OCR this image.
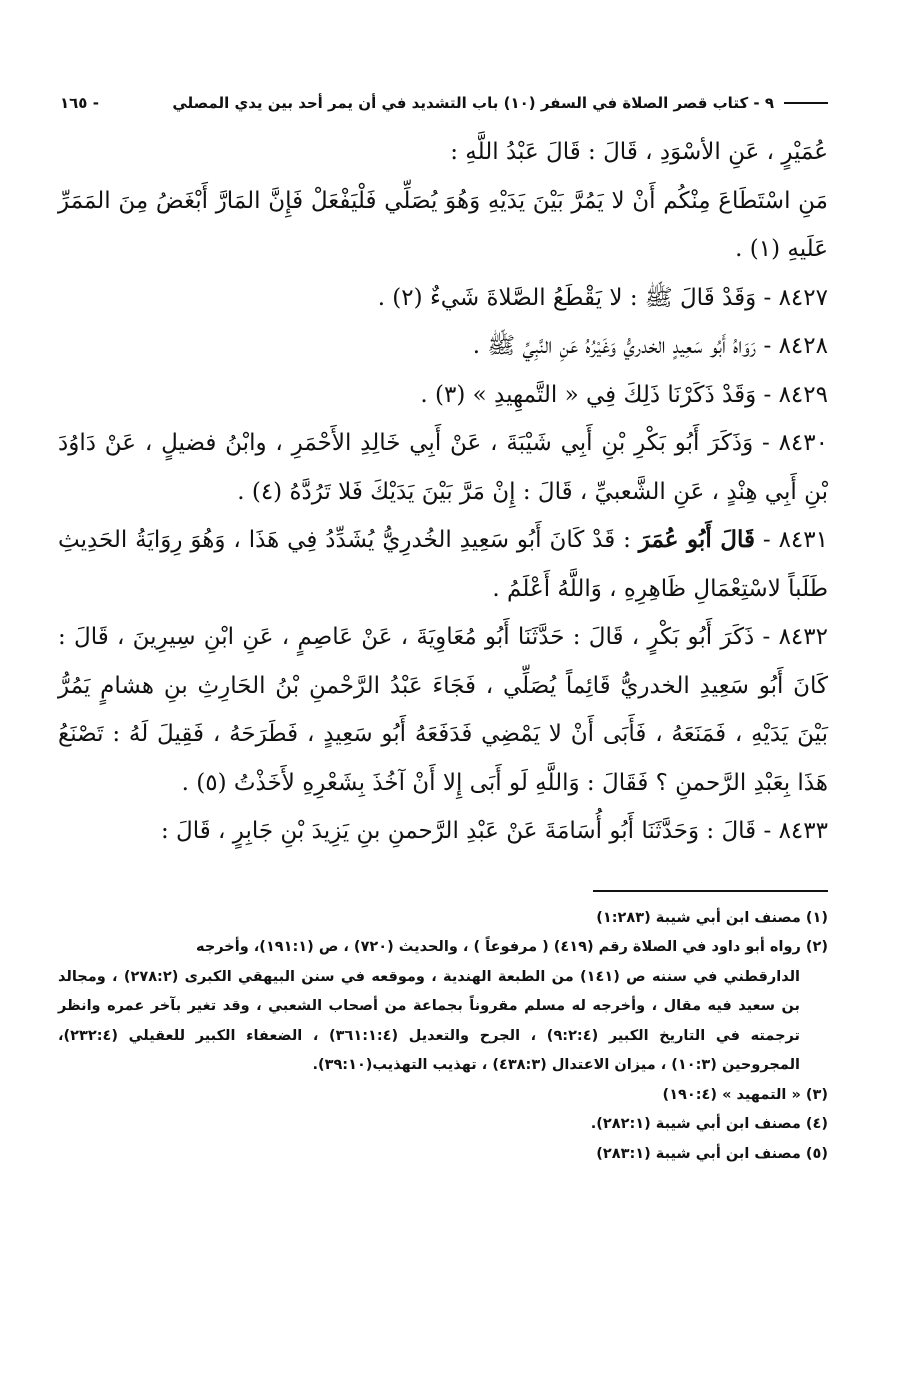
٩ - كتاب قصر الصلاة في السفر (١٠) باب التشديد في أن يمر أحد بين يدي المصلي
- ١٦٥

عُمَيْرٍ ، عَنِ الأسْوَدِ ، قَالَ : قَالَ عَبْدُ اللَّهِ :

مَنِ اسْتَطَاعَ مِنْكُم أَنْ لا يَمُرَّ بَيْنَ يَدَيْهِ وَهُوَ يُصَلِّي فَلْيَفْعَلْ فَإِنَّ المَارَّ أَبْغَضُ مِنَ المَمَرِّ عَلَيهِ (١) .

٨٤٢٧ - وَقَدْ قَالَ ﷺ : لا يَقْطَعُ الصَّلاةَ شَيءٌ (٢) .

٨٤٢٨ - رَوَاهُ أَبُو سَعِيدٍ الخدريُّ وَغَيْرُهُ عَنِ النَّبِيِّ ﷺ .

٨٤٢٩ - وَقَدْ ذَكَرْنَا ذَلِكَ فِي « التَّمهِيدِ » (٣) .

٨٤٣٠ - وَذَكَرَ أَبُو بَكْرِ بْنِ أَبِي شَيْبَةَ ، عَنْ أَبِي خَالِدِ الأَحْمَرِ ، وابْنُ فضيلٍ ، عَنْ دَاوُدَ بْنِ أَبِي هِنْدٍ ، عَنِ الشَّعبيِّ ، قَالَ : إِنْ مَرَّ بَيْنَ يَدَيْكَ فَلا تَرُدَّهُ (٤) .

٨٤٣١ - قَالَ أَبُو عُمَرَ : قَدْ كَانَ أَبُو سَعِيدِ الخُدرِيُّ يُشَدِّدُ فِي هَذَا ، وَهُوَ رِوَايَةُ الحَدِيثِ طَلَباً لاسْتِعْمَالِ ظَاهِرِهِ ، وَاللَّهُ أَعْلَمُ .

٨٤٣٢ - ذَكَرَ أَبُو بَكْرٍ ، قَالَ : حَدَّثَنَا أَبُو مُعَاوِيَةَ ، عَنْ عَاصِمٍ ، عَنِ ابْنِ سِيرِينَ ، قَالَ : كَانَ أَبُو سَعِيدِ الخدريُّ قَائِماً يُصَلِّي ، فَجَاءَ عَبْدُ الرَّحْمنِ بْنُ الحَارِثِ بنِ هشامٍ يَمُرُّ بَيْنَ يَدَيْهِ ، فَمَنَعَهُ ، فَأَبَى أَنْ لا يَمْضِي فَدَفَعَهُ أَبُو سَعِيدٍ ، فَطَرَحَهُ ، فَقِيلَ لَهُ : تَصْنَعُ هَذَا بِعَبْدِ الرَّحمنِ ؟ فَقَالَ : وَاللَّهِ لَو أَبَى إِلا أَنْ آخُذَ بِشَعْرِهِ لأَخَذْتُ (٥) .

٨٤٣٣ - قَالَ : وَحَدَّثَنَا أَبُو أُسَامَةَ عَنْ عَبْدِ الرَّحمنِ بنِ يَزِيدَ بْنِ جَابِرٍ ، قَالَ :

(١) مصنف ابن أبي شيبة (١:٢٨٣)

(٢) رواه أبو داود في الصلاة رقم (٤١٩) ( مرفوعاً ) ، والحديث (٧٢٠) ، ص (١٩١:١)، وأخرجه

الدارقطني في سننه ص (١٤١) من الطبعة الهندية ، وموقعه في سنن البيهقي الكبرى (٢٧٨:٢) ، ومجالد بن سعيد فيه مقال ، وأخرجه له مسلم مقروناً بجماعة من أصحاب الشعبي ، وقد تغير بآخر عمره وانظر ترجمته في التاريخ الكبير (٩:٢:٤) ، الجرح والتعديل (٣٦١:١:٤) ، الضعفاء الكبير للعقيلي (٢٣٢:٤)، المجروحين (١٠:٣) ، ميزان الاعتدال (٤٣٨:٣) ، تهذيب التهذيب(٣٩:١٠).

(٣) « التمهيد » (١٩٠:٤)

(٤) مصنف ابن أبي شيبة (٢٨٢:١).

(٥) مصنف ابن أبي شيبة (٢٨٣:١)
